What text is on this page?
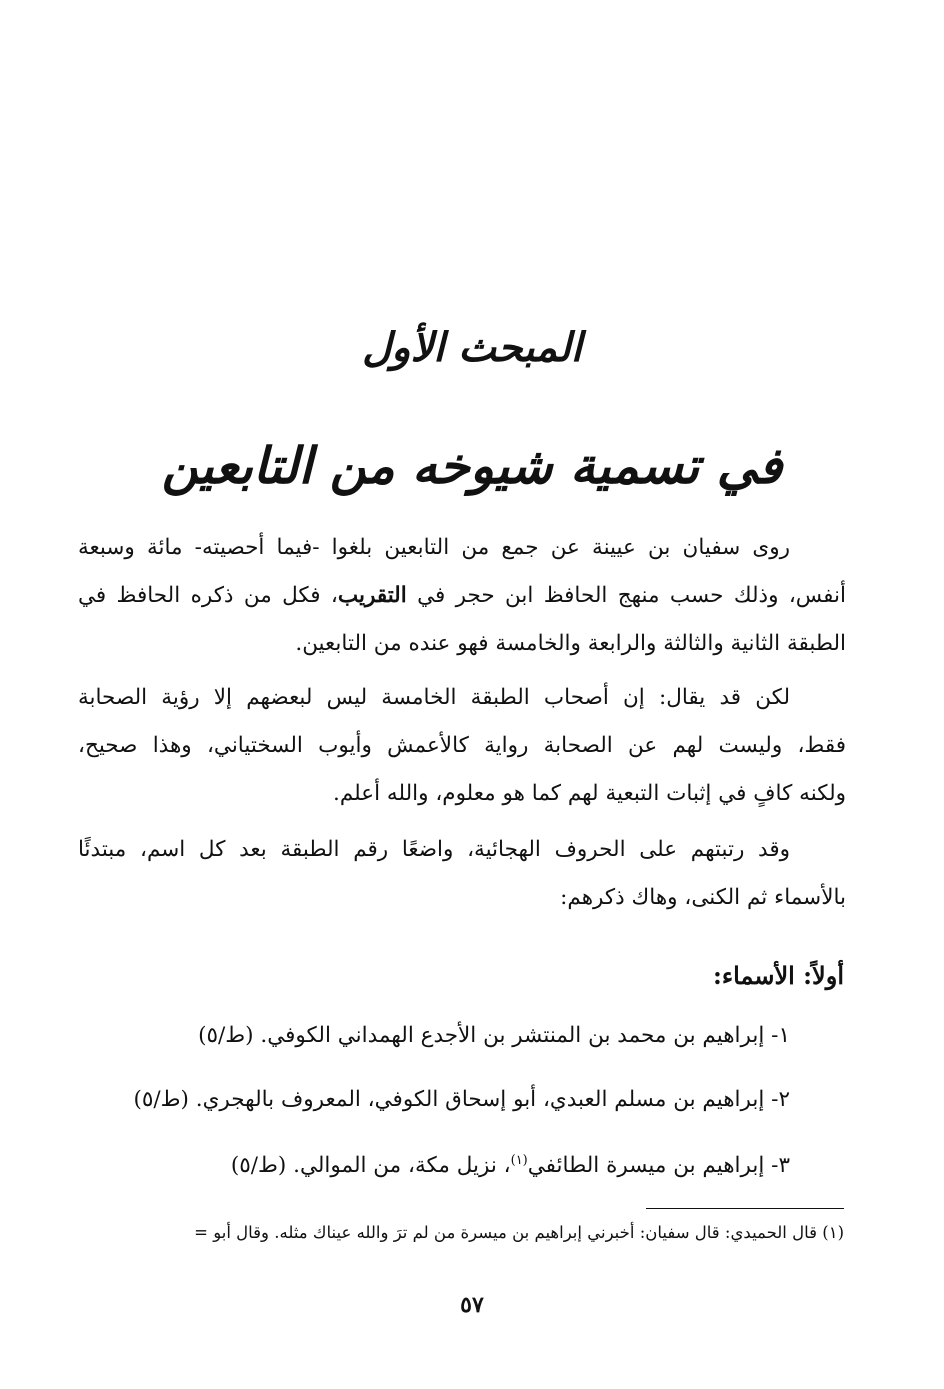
المبحث الأول
في تسمية شيوخه من التابعين

روى سفيان بن عيينة عن جمع من التابعين بلغوا -فيما أحصيته- مائة وسبعة
أنفس، وذلك حسب منهج الحافظ ابن حجر في التقريب، فكل من ذكره الحافظ في
الطبقة الثانية والثالثة والرابعة والخامسة فهو عنده من التابعين.

لكن قد يقال: إن أصحاب الطبقة الخامسة ليس لبعضهم إلا رؤية الصحابة
فقط، وليست لهم عن الصحابة رواية كالأعمش وأيوب السختياني، وهذا صحيح،
ولكنه كافٍ في إثبات التبعية لهم كما هو معلوم، والله أعلم.

وقد رتبتهم على الحروف الهجائية، واضعًا رقم الطبقة بعد كل اسم، مبتدئًا
بالأسماء ثم الكنى، وهاك ذكرهم:

أولاً: الأسماء:

١- إبراهيم بن محمد بن المنتشر بن الأجدع الهمداني الكوفي. (ط/٥)

٢- إبراهيم بن مسلم العبدي، أبو إسحاق الكوفي، المعروف بالهجري. (ط/٥)

٣- إبراهيم بن ميسرة الطائفي$^{(١)}$، نزيل مكة، من الموالي. (ط/٥)

(١) قال الحميدي: قال سفيان: أخبرني إبراهيم بن ميسرة من لم ترَ والله عيناك مثله. وقال أبو =

٥٧
